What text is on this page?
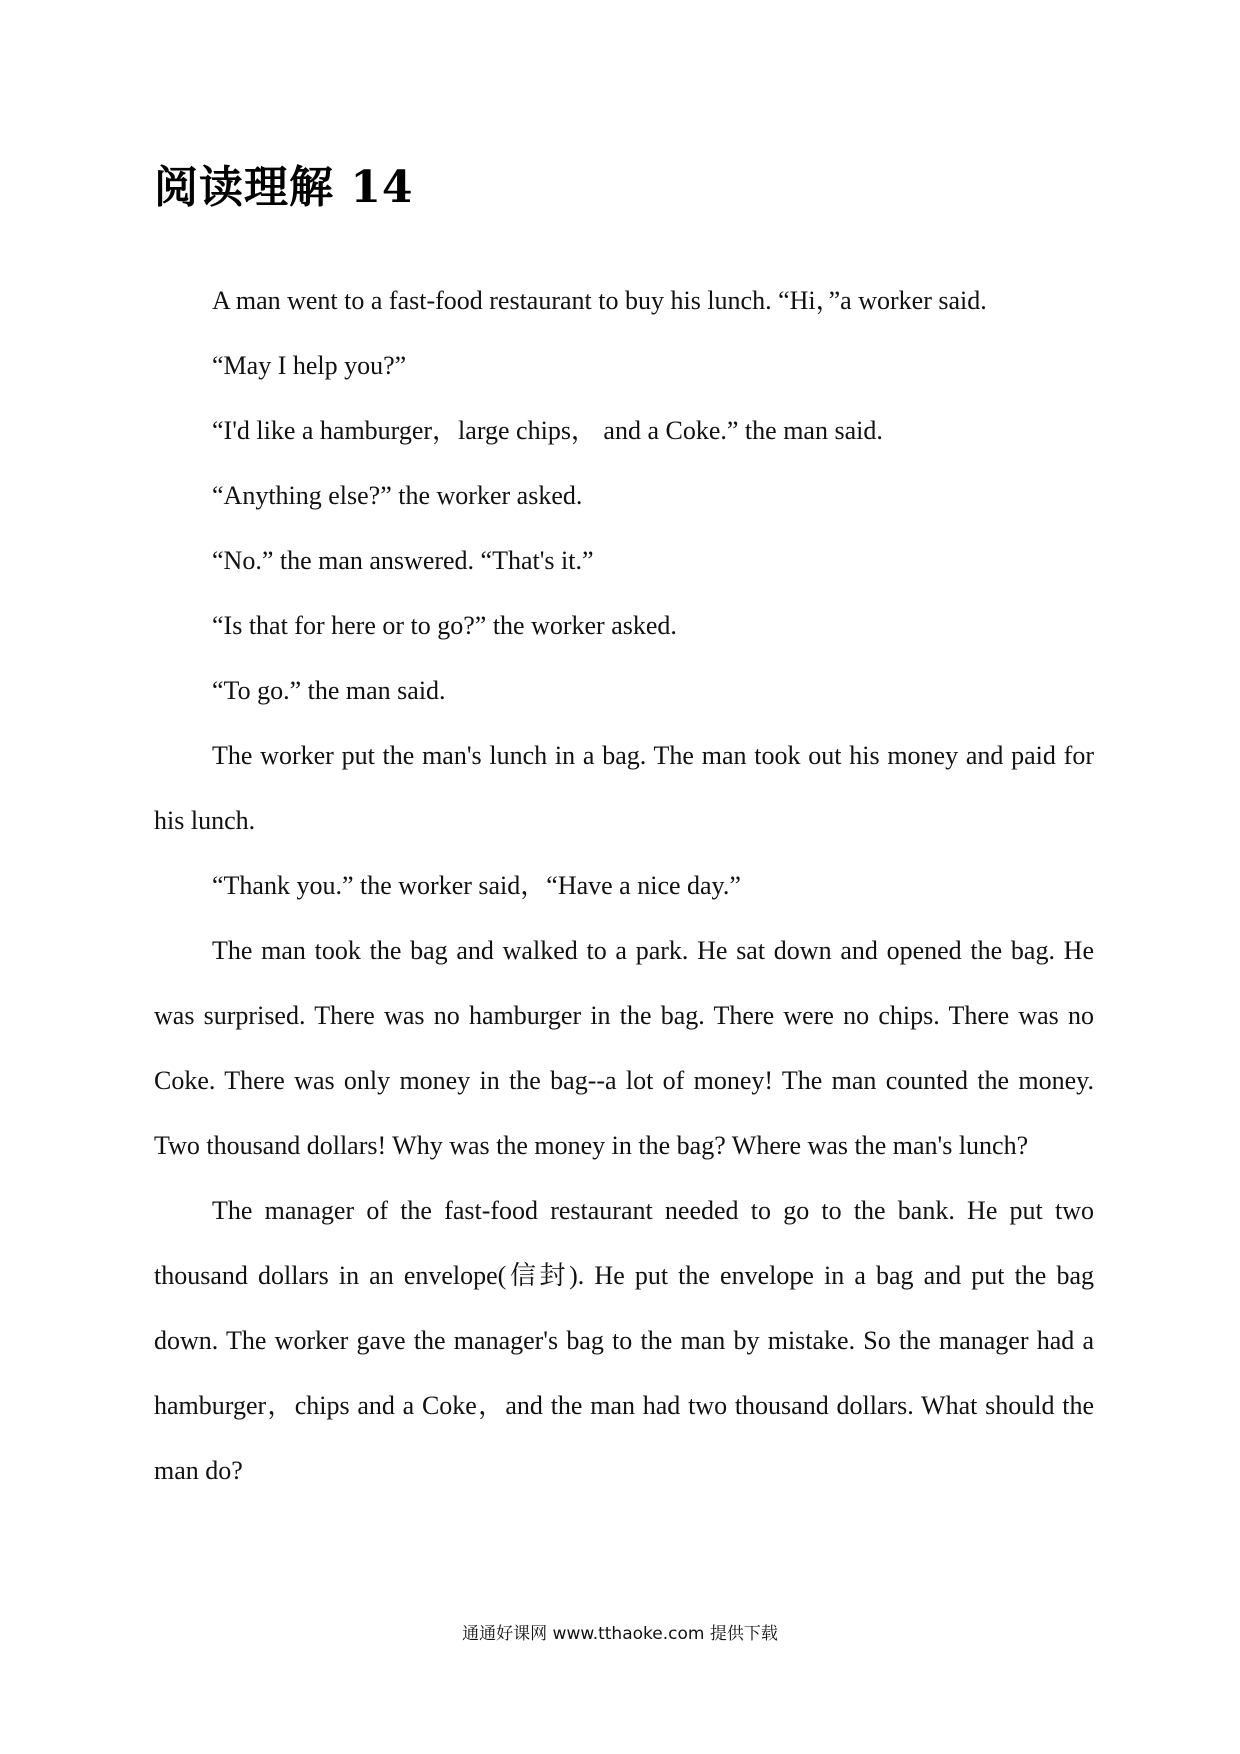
阅读理解 14

A man went to a fast-food restaurant to buy his lunch. “Hi，”a worker said.

“May I help you?”

“I'd like a hamburger，large chips， and a Coke.” the man said.

“Anything else?” the worker asked.

“No.” the man answered. “That's it.”

“Is that for here or to go?” the worker asked.

“To go.” the man said.

The worker put the man's lunch in a bag. The man took out his money and paid for his lunch.

“Thank you.” the worker said，“Have a nice day.”

The man took the bag and walked to a park. He sat down and opened the bag. He was surprised. There was no hamburger in the bag. There were no chips. There was no Coke. There was only money in the bag--a lot of money! The man counted the money. Two thousand dollars! Why was the money in the bag? Where was the man's lunch?

The manager of the fast-food restaurant needed to go to the bank. He put two thousand dollars in an envelope(信封). He put the envelope in a bag and put the bag down. The worker gave the manager's bag to the man by mistake. So the manager had a hamburger，chips and a Coke，and the man had two thousand dollars. What should the man do?

通通好课网 www.tthaoke.com 提供下载
